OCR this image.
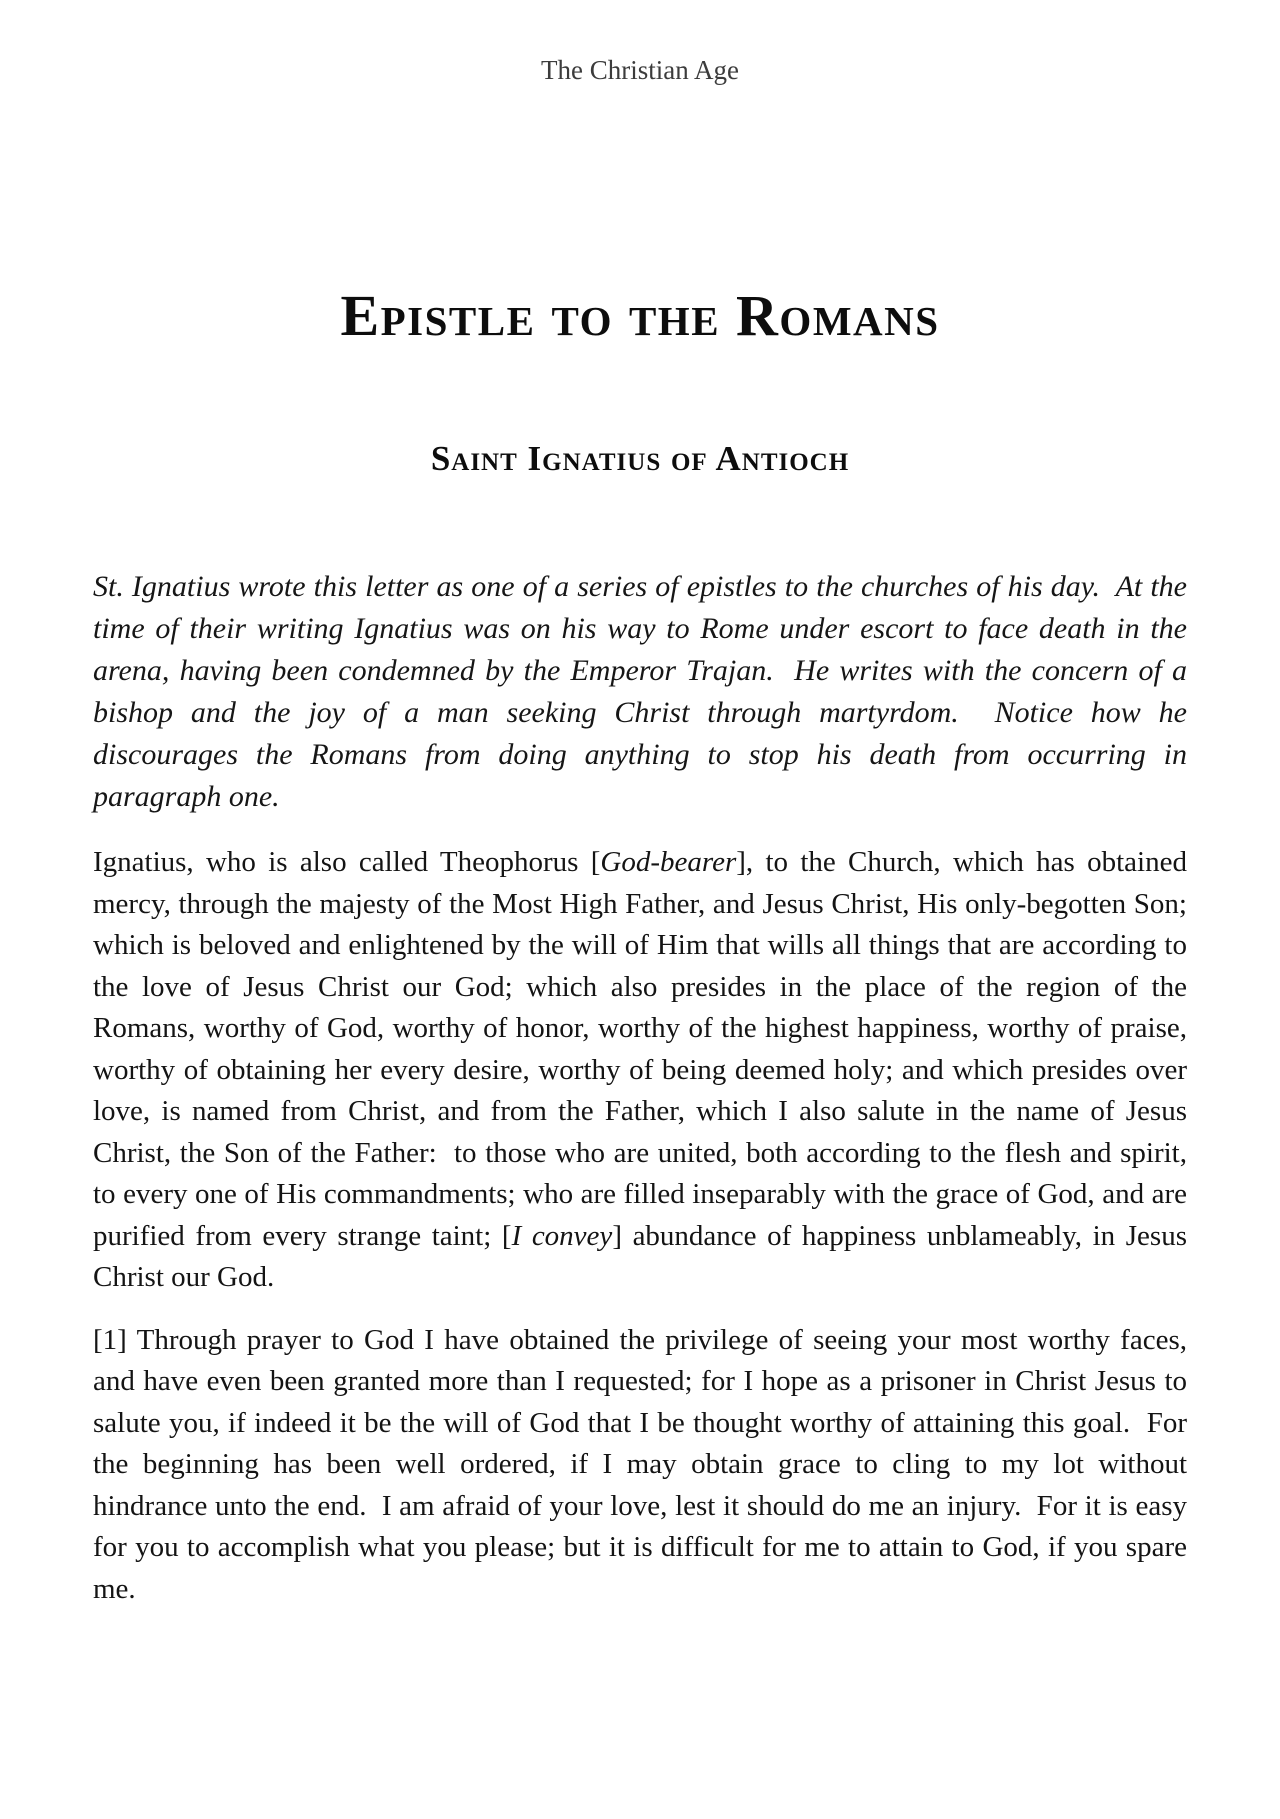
The Christian Age
Epistle to the Romans
Saint Ignatius of Antioch

St. Ignatius wrote this letter as one of a series of epistles to the churches of his day.  At the time of their writing Ignatius was on his way to Rome under escort to face death in the arena, having been condemned by the Emperor Trajan.  He writes with the concern of a bishop and the joy of a man seeking Christ through martyrdom.  Notice how he discourages the Romans from doing anything to stop his death from occurring in paragraph one.

Ignatius, who is also called Theophorus [God-bearer], to the Church, which has obtained mercy, through the majesty of the Most High Father, and Jesus Christ, His only-begotten Son; which is beloved and enlightened by the will of Him that wills all things that are according to the love of Jesus Christ our God; which also presides in the place of the region of the Romans, worthy of God, worthy of honor, worthy of the highest happiness, worthy of praise, worthy of obtaining her every desire, worthy of being deemed holy; and which presides over love, is named from Christ, and from the Father, which I also salute in the name of Jesus Christ, the Son of the Father:  to those who are united, both according to the flesh and spirit, to every one of His commandments; who are filled inseparably with the grace of God, and are purified from every strange taint; [I convey] abundance of happiness unblameably, in Jesus Christ our God.

[1] Through prayer to God I have obtained the privilege of seeing your most worthy faces, and have even been granted more than I requested; for I hope as a prisoner in Christ Jesus to salute you, if indeed it be the will of God that I be thought worthy of attaining this goal.  For the beginning has been well ordered, if I may obtain grace to cling to my lot without hindrance unto the end.  I am afraid of your love, lest it should do me an injury.  For it is easy for you to accomplish what you please; but it is difficult for me to attain to God, if you spare me.
